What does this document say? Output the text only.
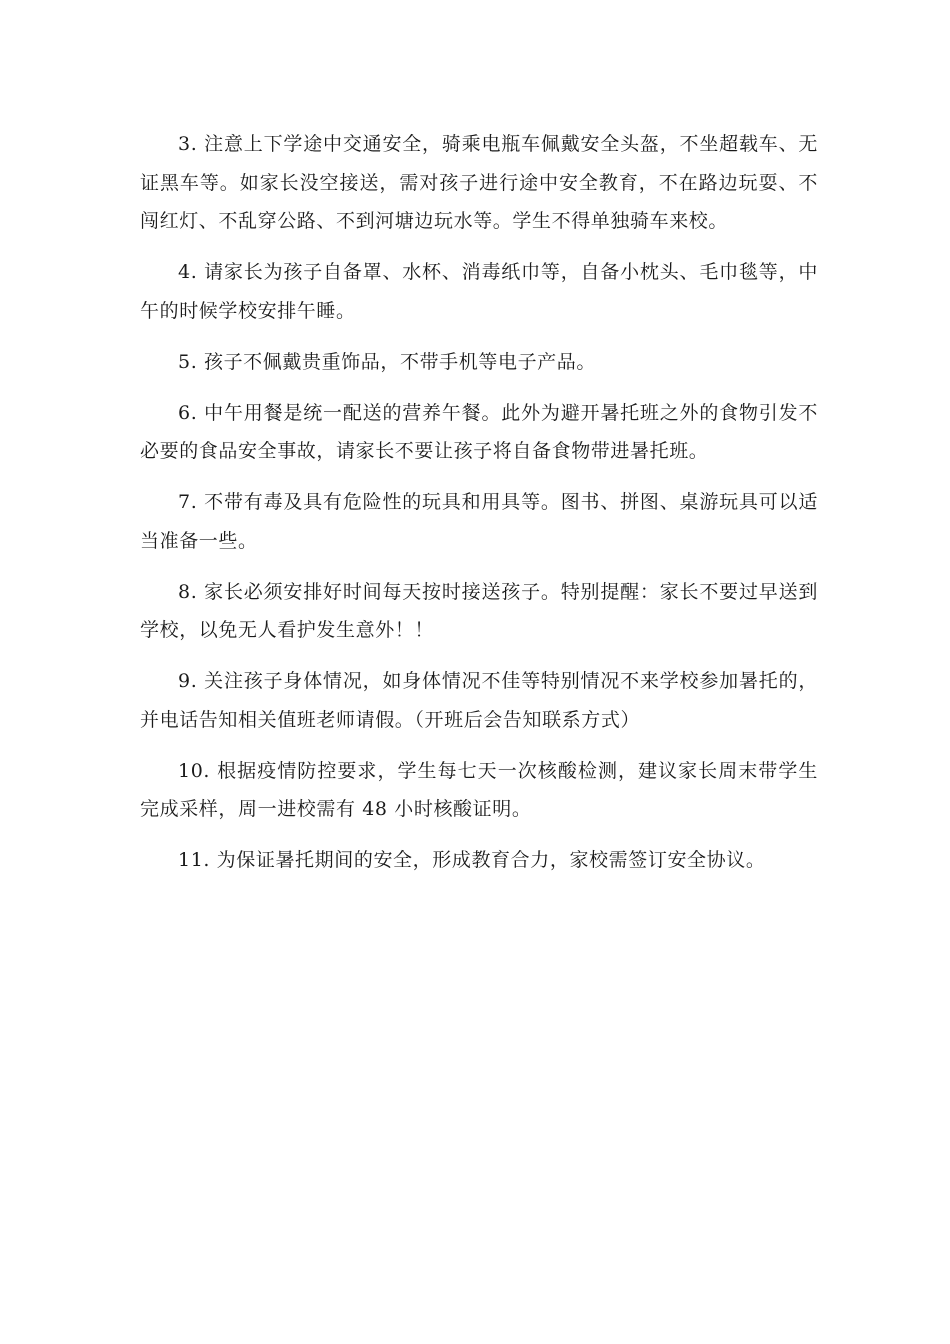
3. 注意上下学途中交通安全，骑乘电瓶车佩戴安全头盔，不坐超载车、无证黑车等。如家长没空接送，需对孩子进行途中安全教育，不在路边玩耍、不闯红灯、不乱穿公路、不到河塘边玩水等。学生不得单独骑车来校。

4. 请家长为孩子自备罩、水杯、消毒纸巾等，自备小枕头、毛巾毯等，中午的时候学校安排午睡。

5. 孩子不佩戴贵重饰品，不带手机等电子产品。

6. 中午用餐是统一配送的营养午餐。此外为避开暑托班之外的食物引发不必要的食品安全事故，请家长不要让孩子将自备食物带进暑托班。

7. 不带有毒及具有危险性的玩具和用具等。图书、拼图、桌游玩具可以适当准备一些。

8. 家长必须安排好时间每天按时接送孩子。特别提醒：家长不要过早送到学校，以免无人看护发生意外！！

9. 关注孩子身体情况，如身体情况不佳等特别情况不来学校参加暑托的，并电话告知相关值班老师请假。（开班后会告知联系方式）

10. 根据疫情防控要求，学生每七天一次核酸检测，建议家长周末带学生完成采样，周一进校需有 48 小时核酸证明。

11. 为保证暑托期间的安全，形成教育合力，家校需签订安全协议。
